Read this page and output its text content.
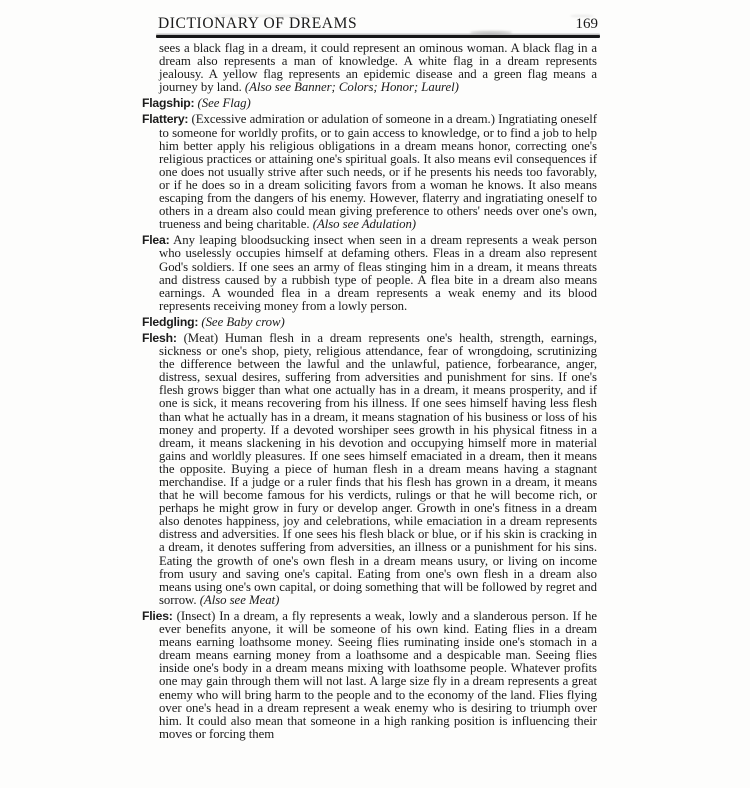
DICTIONARY OF DREAMS	169

sees a black flag in a dream, it could represent an ominous woman. A black flag in a dream also represents a man of knowledge. A white flag in a dream represents jealousy. A yellow flag represents an epidemic disease and a green flag means a journey by land. (Also see Banner; Colors; Honor; Laurel)

Flagship: (See Flag)

Flattery: (Excessive admiration or adulation of someone in a dream.) Ingratiating oneself to someone for worldly profits, or to gain access to knowledge, or to find a job to help him better apply his religious obligations in a dream means honor, correcting one's religious practices or attaining one's spiritual goals. It also means evil consequences if one does not usually strive after such needs, or if he presents his needs too favorably, or if he does so in a dream soliciting favors from a woman he knows. It also means escaping from the dangers of his enemy. However, flaterry and ingratiating oneself to others in a dream also could mean giving preference to others' needs over one's own, trueness and being charitable. (Also see Adulation)

Flea: Any leaping bloodsucking insect when seen in a dream represents a weak person who uselessly occupies himself at defaming others. Fleas in a dream also represent God's soldiers. If one sees an army of fleas stinging him in a dream, it means threats and distress caused by a rubbish type of people. A flea bite in a dream also means earnings. A wounded flea in a dream represents a weak enemy and its blood represents receiving money from a lowly person.

Fledgling: (See Baby crow)

Flesh: (Meat) Human flesh in a dream represents one's health, strength, earnings, sickness or one's shop, piety, religious attendance, fear of wrongdoing, scrutinizing the difference between the lawful and the unlawful, patience, forbearance, anger, distress, sexual desires, suffering from adversities and punishment for sins. If one's flesh grows bigger than what one actually has in a dream, it means prosperity, and if one is sick, it means recovering from his illness. If one sees himself having less flesh than what he actually has in a dream, it means stagnation of his business or loss of his money and property. If a devoted worshiper sees growth in his physical fitness in a dream, it means slackening in his devotion and occupying himself more in material gains and worldly pleasures. If one sees himself emaciated in a dream, then it means the opposite. Buying a piece of human flesh in a dream means having a stagnant merchandise. If a judge or a ruler finds that his flesh has grown in a dream, it means that he will become famous for his verdicts, rulings or that he will become rich, or perhaps he might grow in fury or develop anger. Growth in one's fitness in a dream also denotes happiness, joy and celebrations, while emaciation in a dream represents distress and adversities. If one sees his flesh black or blue, or if his skin is cracking in a dream, it denotes suffering from adversities, an illness or a punishment for his sins. Eating the growth of one's own flesh in a dream means usury, or living on income from usury and saving one's capital. Eating from one's own flesh in a dream also means using one's own capital, or doing something that will be followed by regret and sorrow. (Also see Meat)

Flies: (Insect) In a dream, a fly represents a weak, lowly and a slanderous person. If he ever benefits anyone, it will be someone of his own kind. Eating flies in a dream means earning loathsome money. Seeing flies ruminating inside one's stomach in a dream means earning money from a loathsome and a despicable man. Seeing flies inside one's body in a dream means mixing with loathsome people. Whatever profits one may gain through them will not last. A large size fly in a dream represents a great enemy who will bring harm to the people and to the economy of the land. Flies flying over one's head in a dream represent a weak enemy who is desiring to triumph over him. It could also mean that someone in a high ranking position is influencing their moves or forcing them
